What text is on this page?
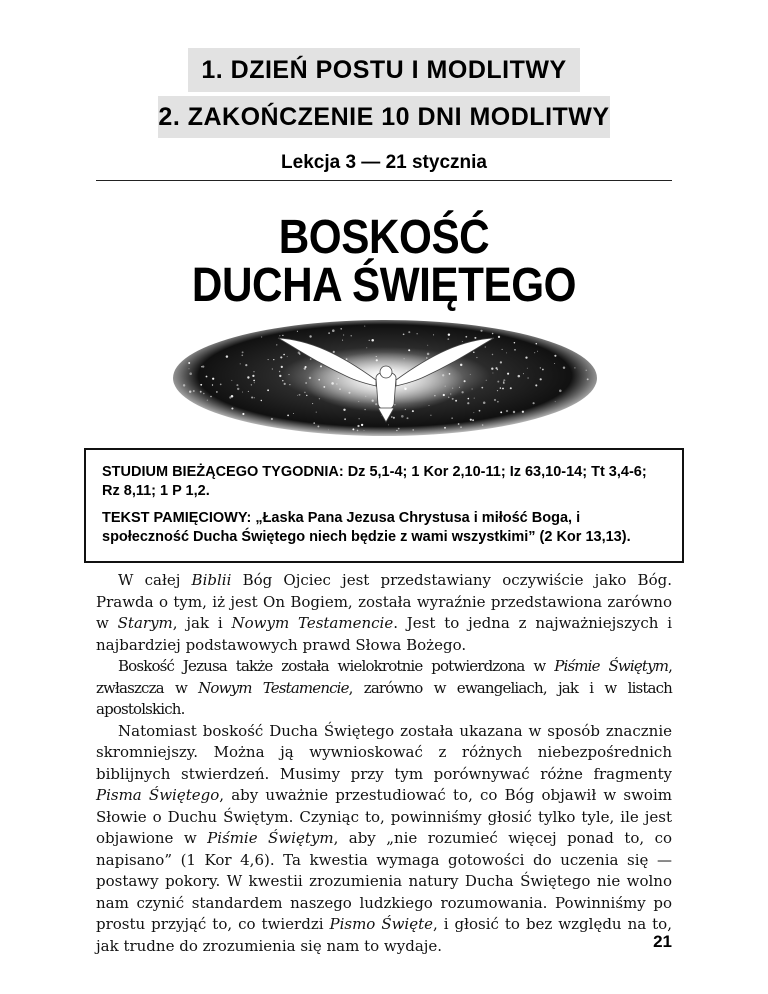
1. DZIEŃ POSTU I MODLITWY
2. ZAKOŃCZENIE 10 DNI MODLITWY
Lekcja 3 — 21 stycznia
BOSKOŚĆ
DUCHA ŚWIĘTEGO

STUDIUM BIEŻĄCEGO TYGODNIA: Dz 5,1-4; 1 Kor 2,10-11; Iz 63,10-14; Tt 3,4-6; Rz 8,11; 1 P 1,2.

TEKST PAMIĘCIOWY: „Łaska Pana Jezusa Chrystusa i miłość Boga, i społeczność Ducha Świętego niech będzie z wami wszystkimi” (2 Kor 13,13).

W całej Biblii Bóg Ojciec jest przedstawiany oczywiście jako Bóg. Prawda o tym, iż jest On Bogiem, została wyraźnie przedstawiona zarówno w Starym, jak i Nowym Testamencie. Jest to jedna z najważniejszych i najbardziej podstawowych prawd Słowa Bożego.

Boskość Jezusa także została wielokrotnie potwierdzona w Piśmie Świętym, zwłaszcza w Nowym Testamencie, zarówno w ewangeliach, jak i w listach apostolskich.

Natomiast boskość Ducha Świętego została ukazana w sposób znacznie skromniejszy. Można ją wywnioskować z różnych niebezpośrednich biblijnych stwierdzeń. Musimy przy tym porównywać różne fragmenty Pisma Świętego, aby uważnie przestudiować to, co Bóg objawił w swoim Słowie o Duchu Świętym. Czyniąc to, powinniśmy głosić tylko tyle, ile jest objawione w Piśmie Świętym, aby „nie rozumieć więcej ponad to, co napisano” (1 Kor 4,6). Ta kwestia wymaga gotowości do uczenia się — postawy pokory. W kwestii zrozumienia natury Ducha Świętego nie wolno nam czynić standardem naszego ludzkiego rozumowania. Powinniśmy po prostu przyjąć to, co twierdzi Pismo Święte, i głosić to bez względu na to, jak trudne do zrozumienia się nam to wydaje.	21
